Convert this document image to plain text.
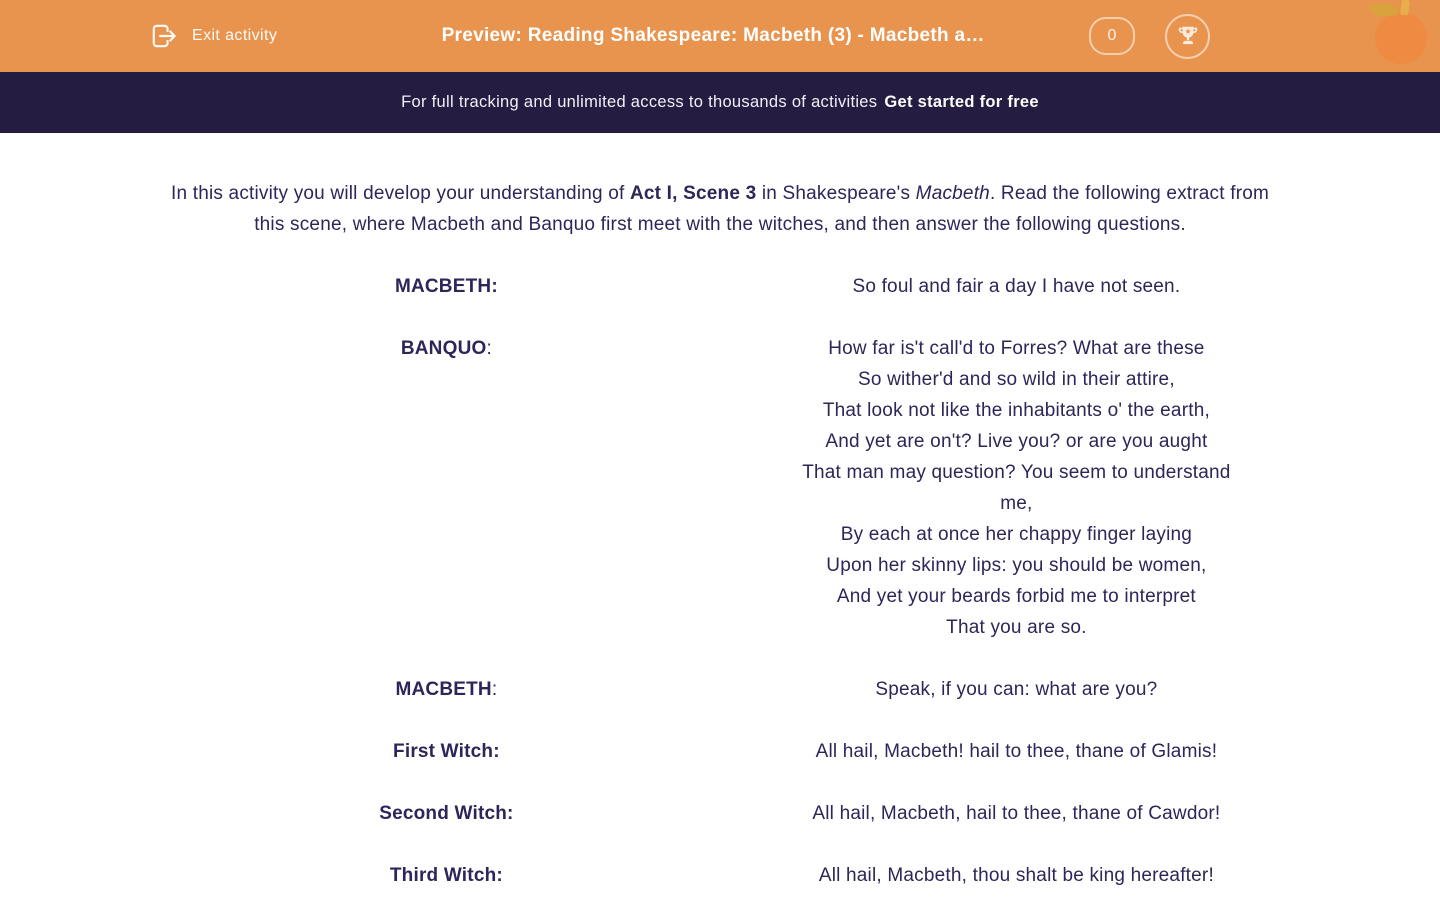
Exit activity	Preview: Reading Shakespeare: Macbeth (3) - Macbeth a…	0
For full tracking and unlimited access to thousands of activities Get started for free

In this activity you will develop your understanding of Act I, Scene 3 in Shakespeare's Macbeth. Read the following extract from this scene, where Macbeth and Banquo first meet with the witches, and then answer the following questions.

MACBETH:	So foul and fair a day I have not seen.
BANQUO:	How far is't call'd to Forres? What are these
So wither'd and so wild in their attire,
That look not like the inhabitants o' the earth,
And yet are on't? Live you? or are you aught
That man may question? You seem to understand
me,
By each at once her chappy finger laying
Upon her skinny lips: you should be women,
And yet your beards forbid me to interpret
That you are so.
MACBETH:	Speak, if you can: what are you?
First Witch:	All hail, Macbeth! hail to thee, thane of Glamis!
Second Witch:	All hail, Macbeth, hail to thee, thane of Cawdor!
Third Witch:	All hail, Macbeth, thou shalt be king hereafter!
